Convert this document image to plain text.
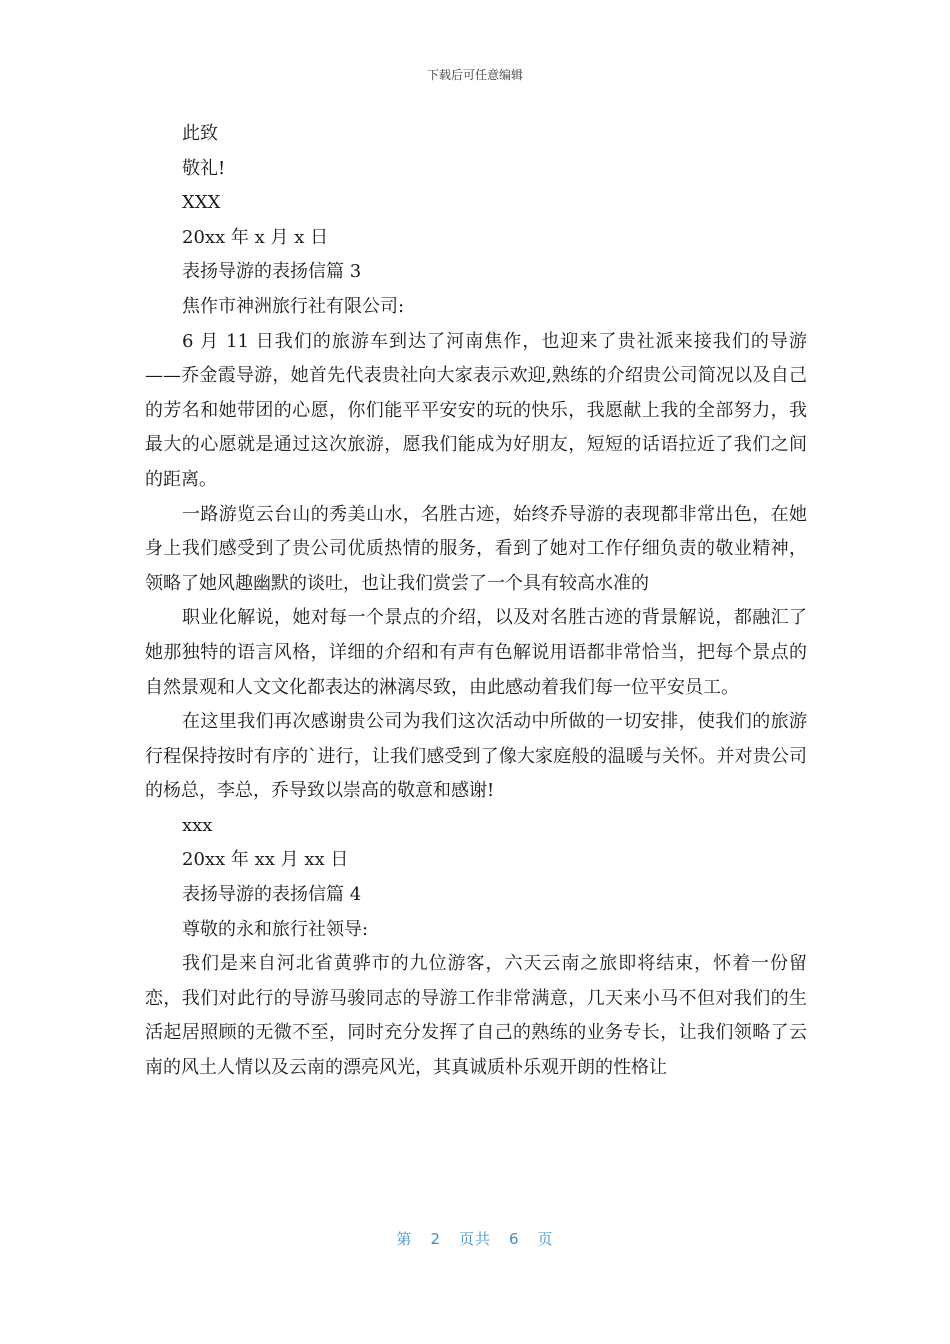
下载后可任意编辑
此致
敬礼!
XXX
20xx 年 x 月 x 日
表扬导游的表扬信篇 3
焦作市神洲旅行社有限公司:
6 月 11 日我们的旅游车到达了河南焦作，也迎来了贵社派来接我们的导游——乔金霞导游，她首先代表贵社向大家表示欢迎,熟练的介绍贵公司简况以及自己的芳名和她带团的心愿，你们能平平安安的玩的快乐，我愿献上我的全部努力，我最大的心愿就是通过这次旅游，愿我们能成为好朋友，短短的话语拉近了我们之间的距离。
一路游览云台山的秀美山水，名胜古迹，始终乔导游的表现都非常出色，在她身上我们感受到了贵公司优质热情的服务，看到了她对工作仔细负责的敬业精神，领略了她风趣幽默的谈吐，也让我们赏尝了一个具有较高水准的
职业化解说，她对每一个景点的介绍，以及对名胜古迹的背景解说，都融汇了她那独特的语言风格，详细的介绍和有声有色解说用语都非常恰当，把每个景点的自然景观和人文文化都表达的淋漓尽致，由此感动着我们每一位平安员工。
在这里我们再次感谢贵公司为我们这次活动中所做的一切安排，使我们的旅游行程保持按时有序的`进行，让我们感受到了像大家庭般的温暖与关怀。并对贵公司的杨总，李总，乔导致以崇高的敬意和感谢!
xxx
20xx 年 xx 月 xx 日
表扬导游的表扬信篇 4
尊敬的永和旅行社领导:
我们是来自河北省黄骅市的九位游客，六天云南之旅即将结束，怀着一份留恋，我们对此行的导游马骏同志的导游工作非常满意，几天来小马不但对我们的生活起居照顾的无微不至，同时充分发挥了自己的熟练的业务专长，让我们领略了云南的风土人情以及云南的漂亮风光，其真诚质朴乐观开朗的性格让
第 2 页共 6 页
